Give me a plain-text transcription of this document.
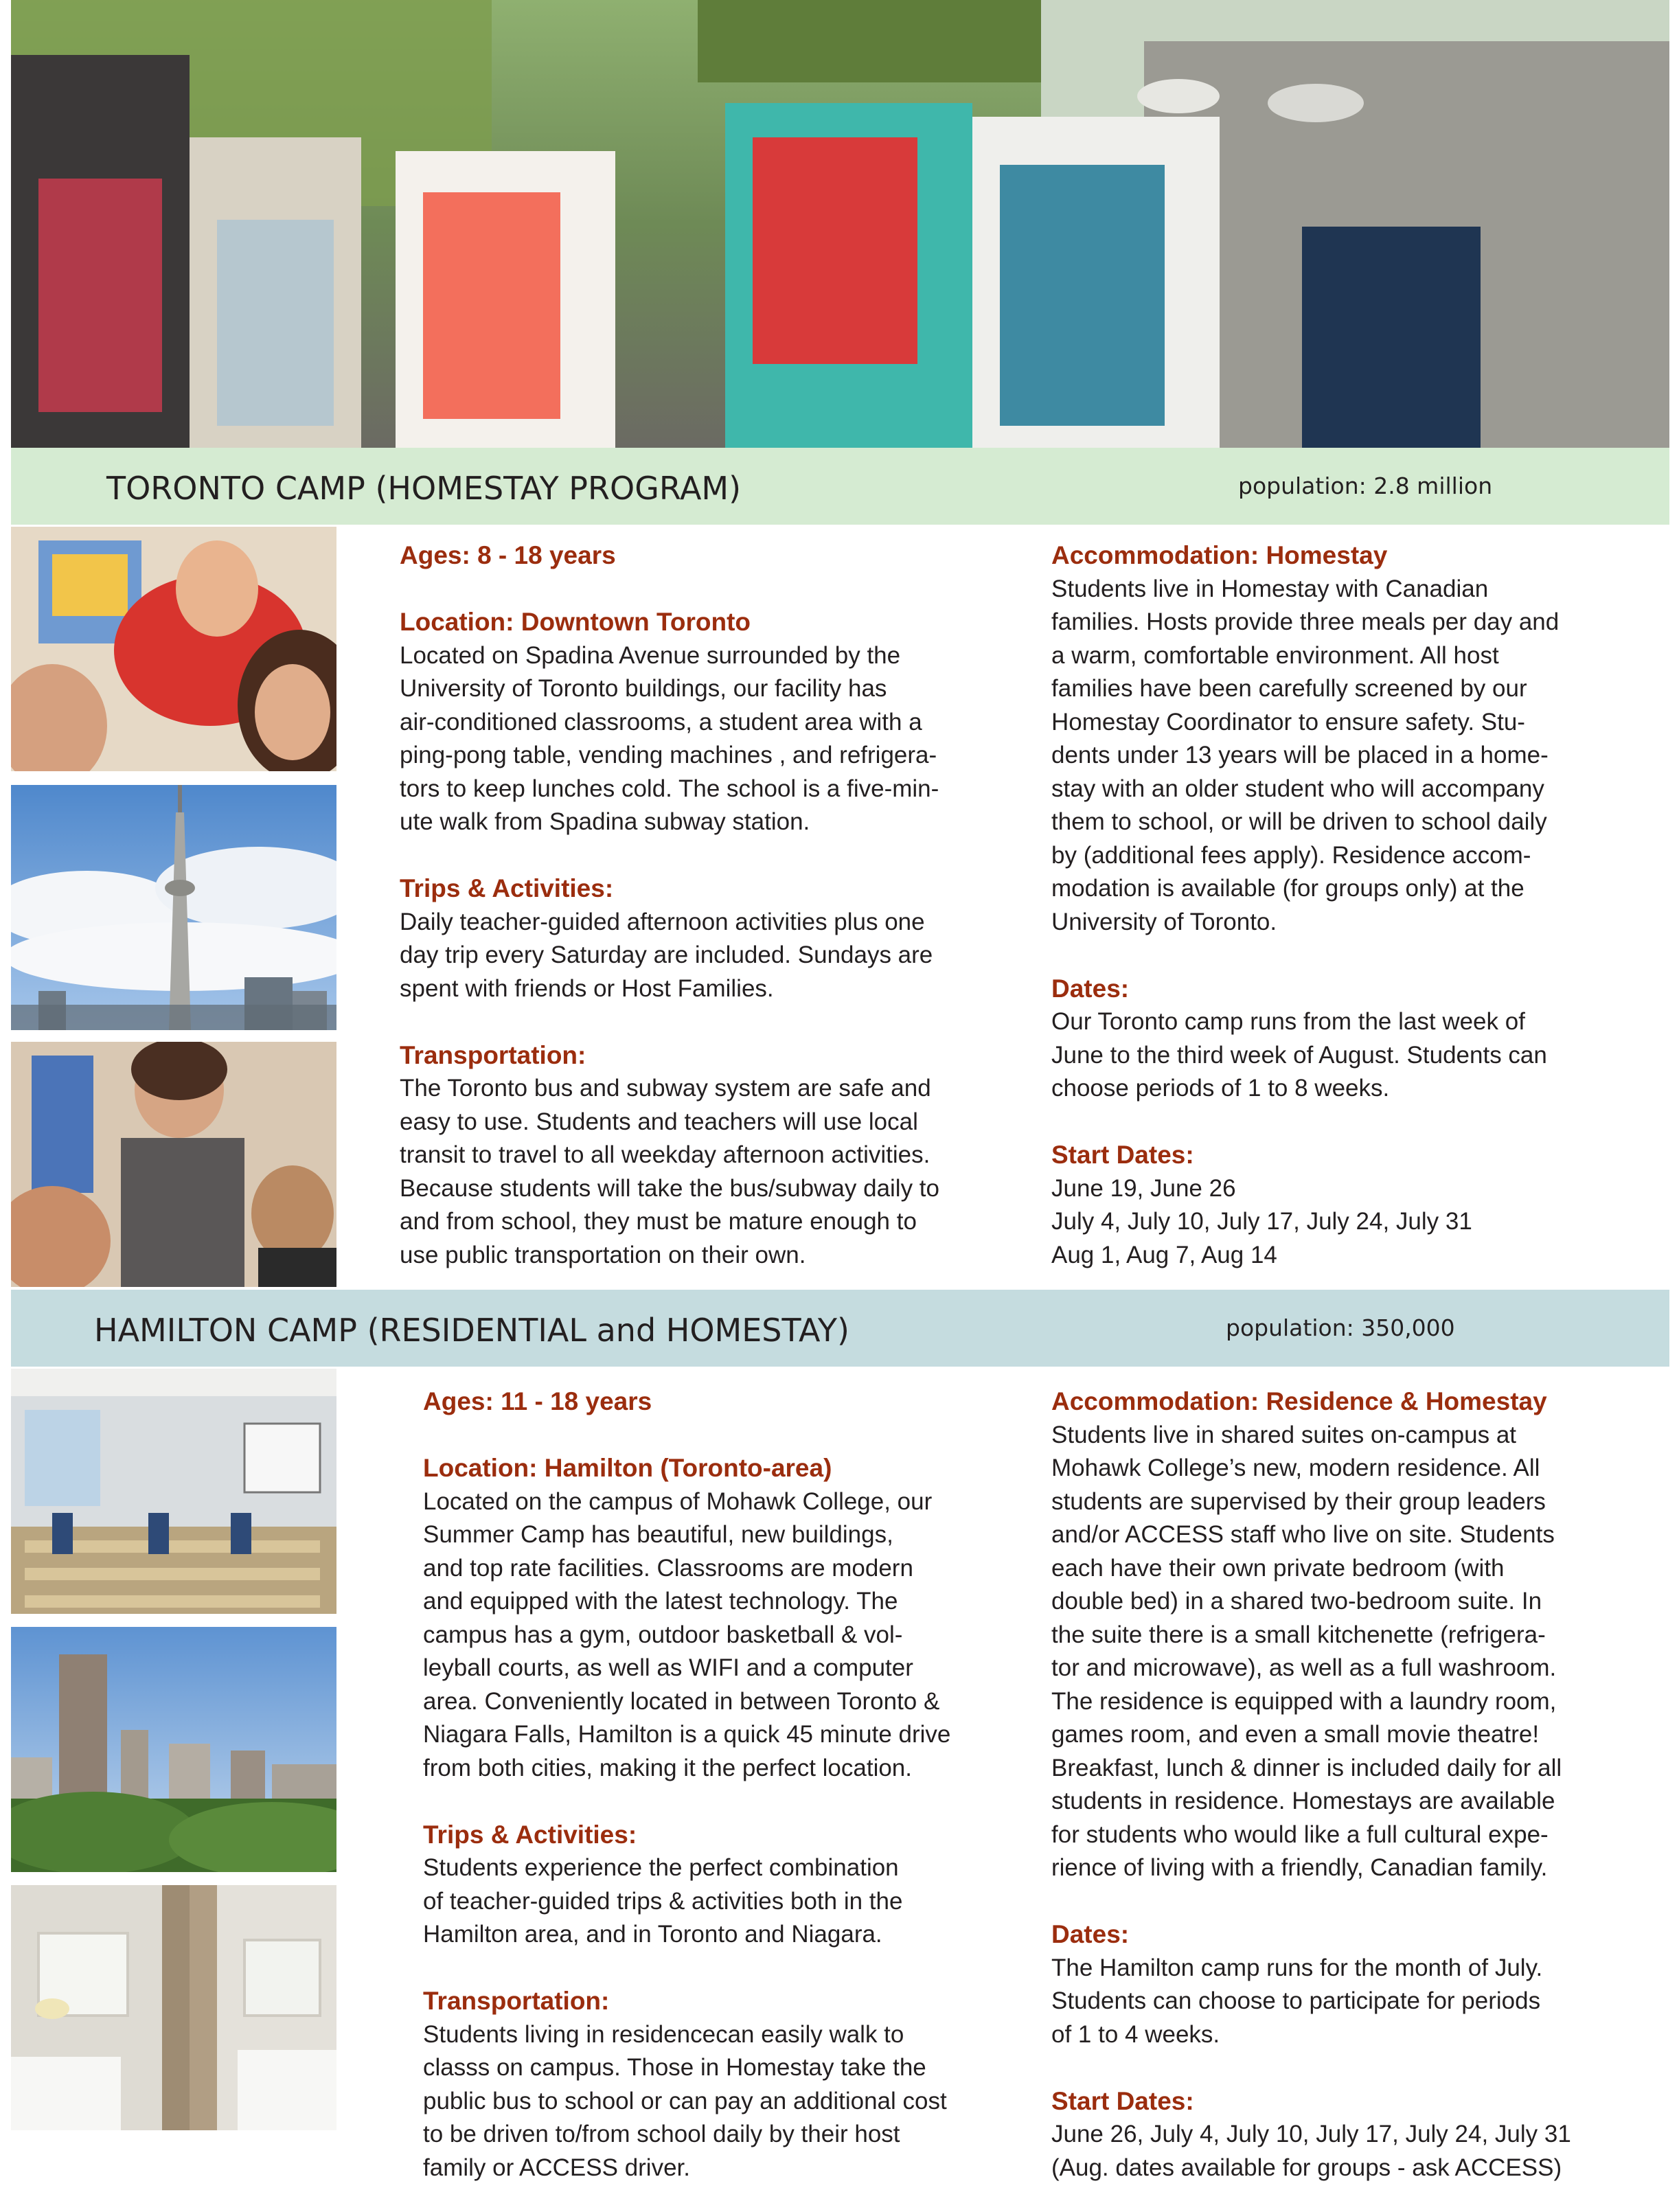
TORONTO CAMP (HOMESTAY PROGRAM)	population: 2.8 million

Ages: 8 - 18 years

Location: Downtown Toronto

Located on Spadina Avenue surrounded by the

University of Toronto buildings, our facility has

air-conditioned classrooms, a student area with a

ping-pong table, vending machines , and refrigera-

tors to keep lunches cold. The school is a five-min-

ute walk from Spadina subway station.

Trips & Activities:

Daily teacher-guided afternoon activities plus one

day trip every Saturday are included. Sundays are

spent with friends or Host Families.

Transportation:

The Toronto bus and subway system are safe and

easy to use. Students and teachers will use local

transit to travel to all weekday afternoon activities.

Because students will take the bus/subway daily to

and from school, they must be mature enough to

use public transportation on their own.

Accommodation: Homestay

Students live in Homestay with Canadian

families. Hosts provide three meals per day and

a warm, comfortable environment. All host

families have been carefully screened by our

Homestay Coordinator to ensure safety. Stu-

dents under 13 years will be placed in a home-

stay with an older student who will accompany

them to school, or will be driven to school daily

by (additional fees apply). Residence accom-

modation is available (for groups only) at the

University of Toronto.

Dates:

Our Toronto camp runs from the last week of

June to the third week of August. Students can

choose periods of 1 to 8 weeks.

Start Dates:

June 19, June 26

July 4, July 10, July 17, July 24, July 31

Aug 1, Aug 7, Aug 14

HAMILTON CAMP (RESIDENTIAL and HOMESTAY)	population: 350,000

Ages: 11 - 18 years

Location: Hamilton (Toronto-area)

Located on the campus of Mohawk College, our

Summer Camp has beautiful, new buildings,

and top rate facilities. Classrooms are modern

and equipped with the latest technology. The

campus has a gym, outdoor basketball & vol-

leyball courts, as well as WIFI and a computer

area. Conveniently located in between Toronto &

Niagara Falls, Hamilton is a quick 45 minute drive

from both cities, making it the perfect location.

Trips & Activities:

Students experience the perfect combination

of teacher-guided trips & activities both in the

Hamilton area, and in Toronto and Niagara.

Transportation:

Students living in residencecan easily walk to

classs on campus. Those in Homestay take the

public bus to school or can pay an additional cost

to be driven to/from school daily by their host

family or ACCESS driver.

Accommodation: Residence & Homestay

Students live in shared suites on-campus at

Mohawk College’s new, modern residence. All

students are supervised by their group leaders

and/or ACCESS staff who live on site. Students

each have their own private bedroom (with

double bed) in a shared two-bedroom suite. In

the suite there is a small kitchenette (refrigera-

tor and microwave), as well as a full washroom.

The residence is equipped with a laundry room,

games room, and even a small movie theatre!

Breakfast, lunch & dinner is included daily for all

students in residence. Homestays are available

for students who would like a full cultural expe-

rience of living with a friendly, Canadian family.

Dates:

The Hamilton camp runs for the month of July.

Students can choose to participate for periods

of 1 to 4 weeks.

Start Dates:

June 26, July 4, July 10, July 17, July 24, July 31

(Aug. dates available for groups - ask ACCESS)
